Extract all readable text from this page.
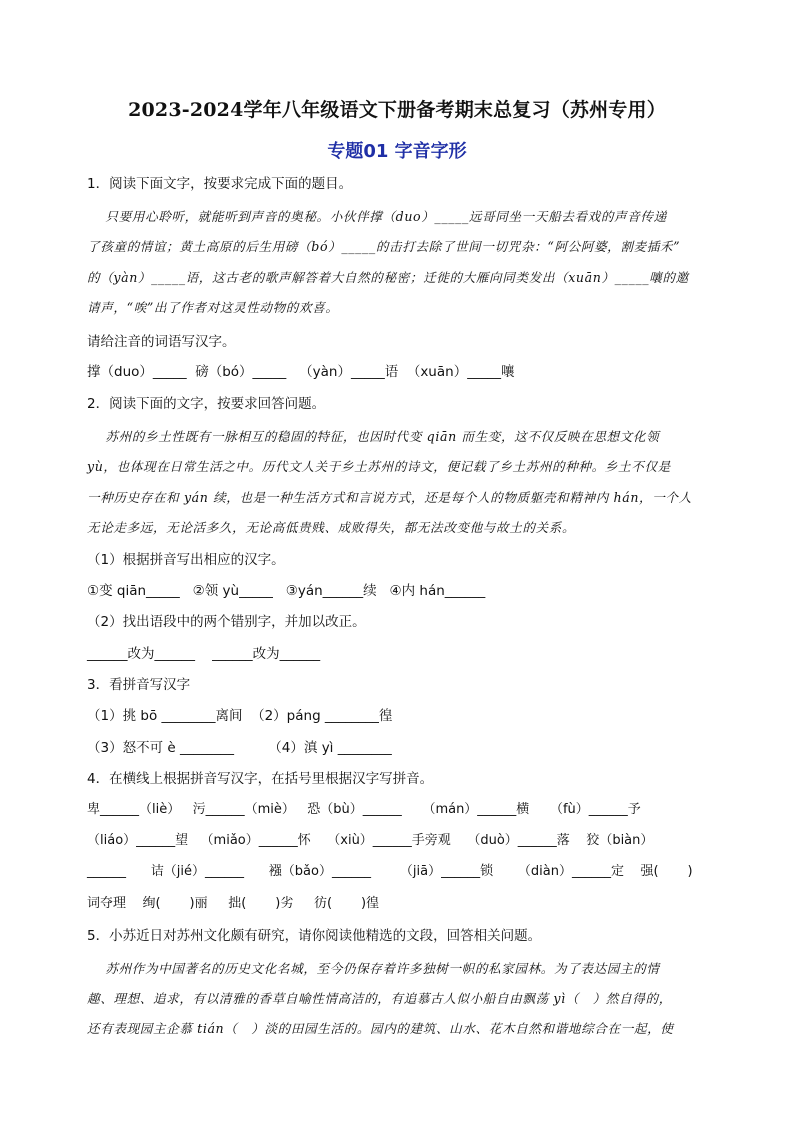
2023-2024学年八年级语文下册备考期末总复习（苏州专用）
专题01 字音字形
1．阅读下面文字，按要求完成下面的题目。
只要用心聆听，就能听到声音的奥秘。小伙伴撑（duo）_____远哥同坐一天船去看戏的声音传递
了孩童的情谊；黄土高原的后生用磅（bó）_____的击打去除了世间一切咒杂：“阿公阿婆，割麦插禾”
的（yàn）_____语，这古老的歌声解答着大自然的秘密；迁徙的大雁向同类发出（xuān）_____嚷的邀
请声，“唉”出了作者对这灵性动物的欢喜。
请给注音的词语写汉字。
撑（duo）_____  磅（bó）_____   （yàn）_____语  （xuān）_____嚷
2．阅读下面的文字，按要求回答问题。
苏州的乡土性既有一脉相互的稳固的特征，也因时代变 qiān 而生变，这不仅反映在思想文化领
yù，也体现在日常生活之中。历代文人关于乡土苏州的诗文，便记载了乡土苏州的种种。乡土不仅是
一种历史存在和 yán 续，也是一种生活方式和言说方式，还是每个人的物质躯壳和精神内 hán，一个人
无论走多远，无论活多久，无论高低贵贱、成败得失，都无法改变他与故土的关系。
（1）根据拼音写出相应的汉字。
①变 qiān_____   ②领 yù_____   ③yán______续   ④内 hán______
（2）找出语段中的两个错别字，并加以改正。
______改为______    ______改为______
3．看拼音写汉字
（1）挑 bō ________离间  （2）páng ________徨
（3）怒不可 è ________        （4）滇 yì ________
4．在横线上根据拼音写汉字，在括号里根据汉字写拼音。
卑______（liè）   污______（miè）   恐（bù）______     （mán）______横     （fù）______予
（liáo）______望   （miǎo）______怀    （xiù）______手旁观    （duò）______落    狡（biàn）
______      诘（jié）______      襁（bǎo）______       （jiā）______锁      （diàn）______定    强(       )
词夺理    绚(       )丽     拙(       )劣     彷(       )徨
5．小苏近日对苏州文化颇有研究，请你阅读他精选的文段，回答相关问题。
苏州作为中国著名的历史文化名城，至今仍保存着许多独树一帜的私家园林。为了表达园主的情
趣、理想、追求，有以清雅的香草自喻性情高洁的，有追慕古人似小船自由飘荡 yì（   ）然自得的，
还有表现园主企慕 tián（   ）淡的田园生活的。园内的建筑、山水、花木自然和谐地综合在一起，使
